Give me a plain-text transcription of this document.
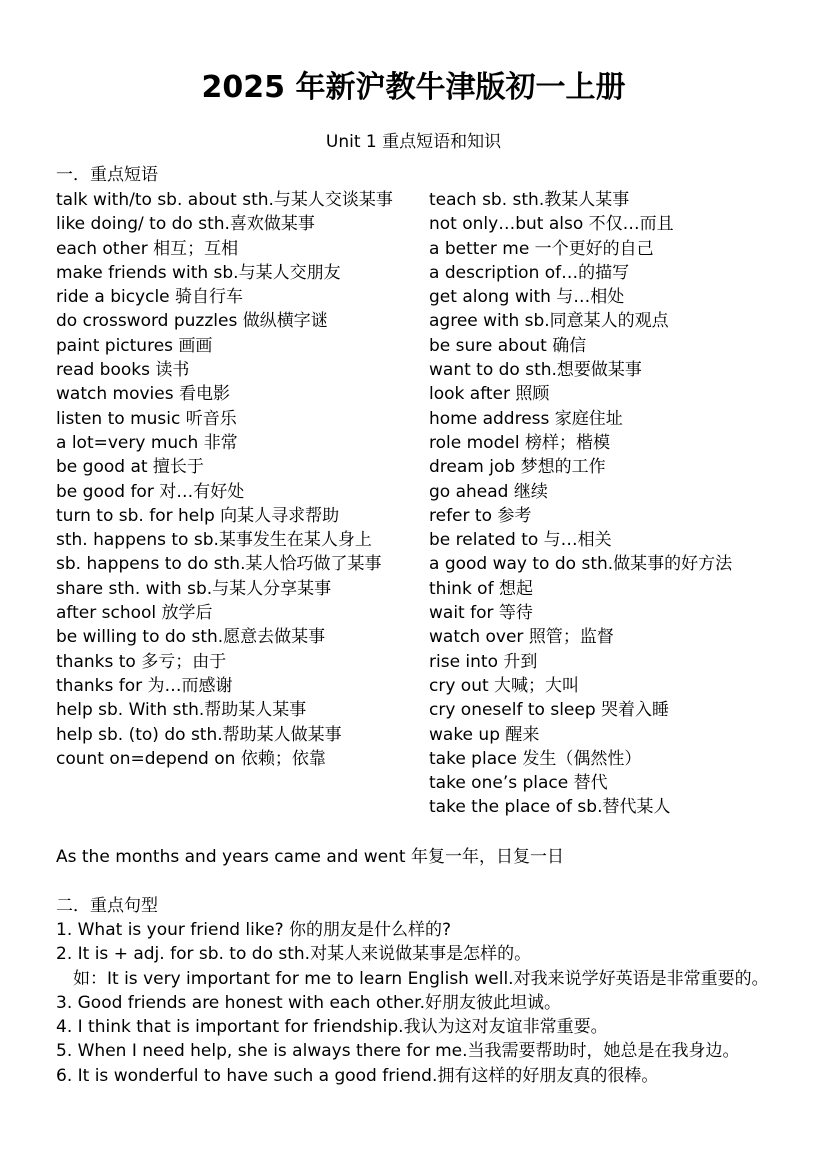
2025 年新沪教牛津版初一上册
Unit 1 重点短语和知识
一．重点短语
talk with/to sb. about sth.与某人交谈某事
like doing/ to do sth.喜欢做某事
each other 相互；互相
make friends with sb.与某人交朋友
ride a bicycle 骑自行车
do crossword puzzles 做纵横字谜
paint pictures 画画
read books 读书
watch movies 看电影
listen to music 听音乐
a lot=very much 非常
be good at 擅长于
be good for 对…有好处
turn to sb. for help 向某人寻求帮助
sth. happens to sb.某事发生在某人身上
sb. happens to do sth.某人恰巧做了某事
share sth. with sb.与某人分享某事
after school 放学后
be willing to do sth.愿意去做某事
thanks to 多亏；由于
thanks for 为…而感谢
help sb. With sth.帮助某人某事
help sb. (to) do sth.帮助某人做某事
count on=depend on 依赖；依靠
teach sb. sth.教某人某事
not only…but also 不仅…而且
a better me 一个更好的自己
a description of…的描写
get along with 与…相处
agree with sb.同意某人的观点
be sure about 确信
want to do sth.想要做某事
look after 照顾
home address 家庭住址
role model 榜样；楷模
dream job 梦想的工作
go ahead 继续
refer to 参考
be related to 与…相关
a good way to do sth.做某事的好方法
think of 想起
wait for 等待
watch over 照管；监督
rise into 升到
cry out 大喊；大叫
cry oneself to sleep 哭着入睡
wake up 醒来
take place 发生（偶然性）
take one’s place 替代
take the place of sb.替代某人
As the months and years came and went 年复一年，日复一日
二．重点句型
1. What is your friend like? 你的朋友是什么样的?
2. It is + adj. for sb. to do sth.对某人来说做某事是怎样的。
　如：It is very important for me to learn English well.对我来说学好英语是非常重要的。
3. Good friends are honest with each other.好朋友彼此坦诚。
4. I think that is important for friendship.我认为这对友谊非常重要。
5. When I need help, she is always there for me.当我需要帮助时，她总是在我身边。
6. It is wonderful to have such a good friend.拥有这样的好朋友真的很棒。
